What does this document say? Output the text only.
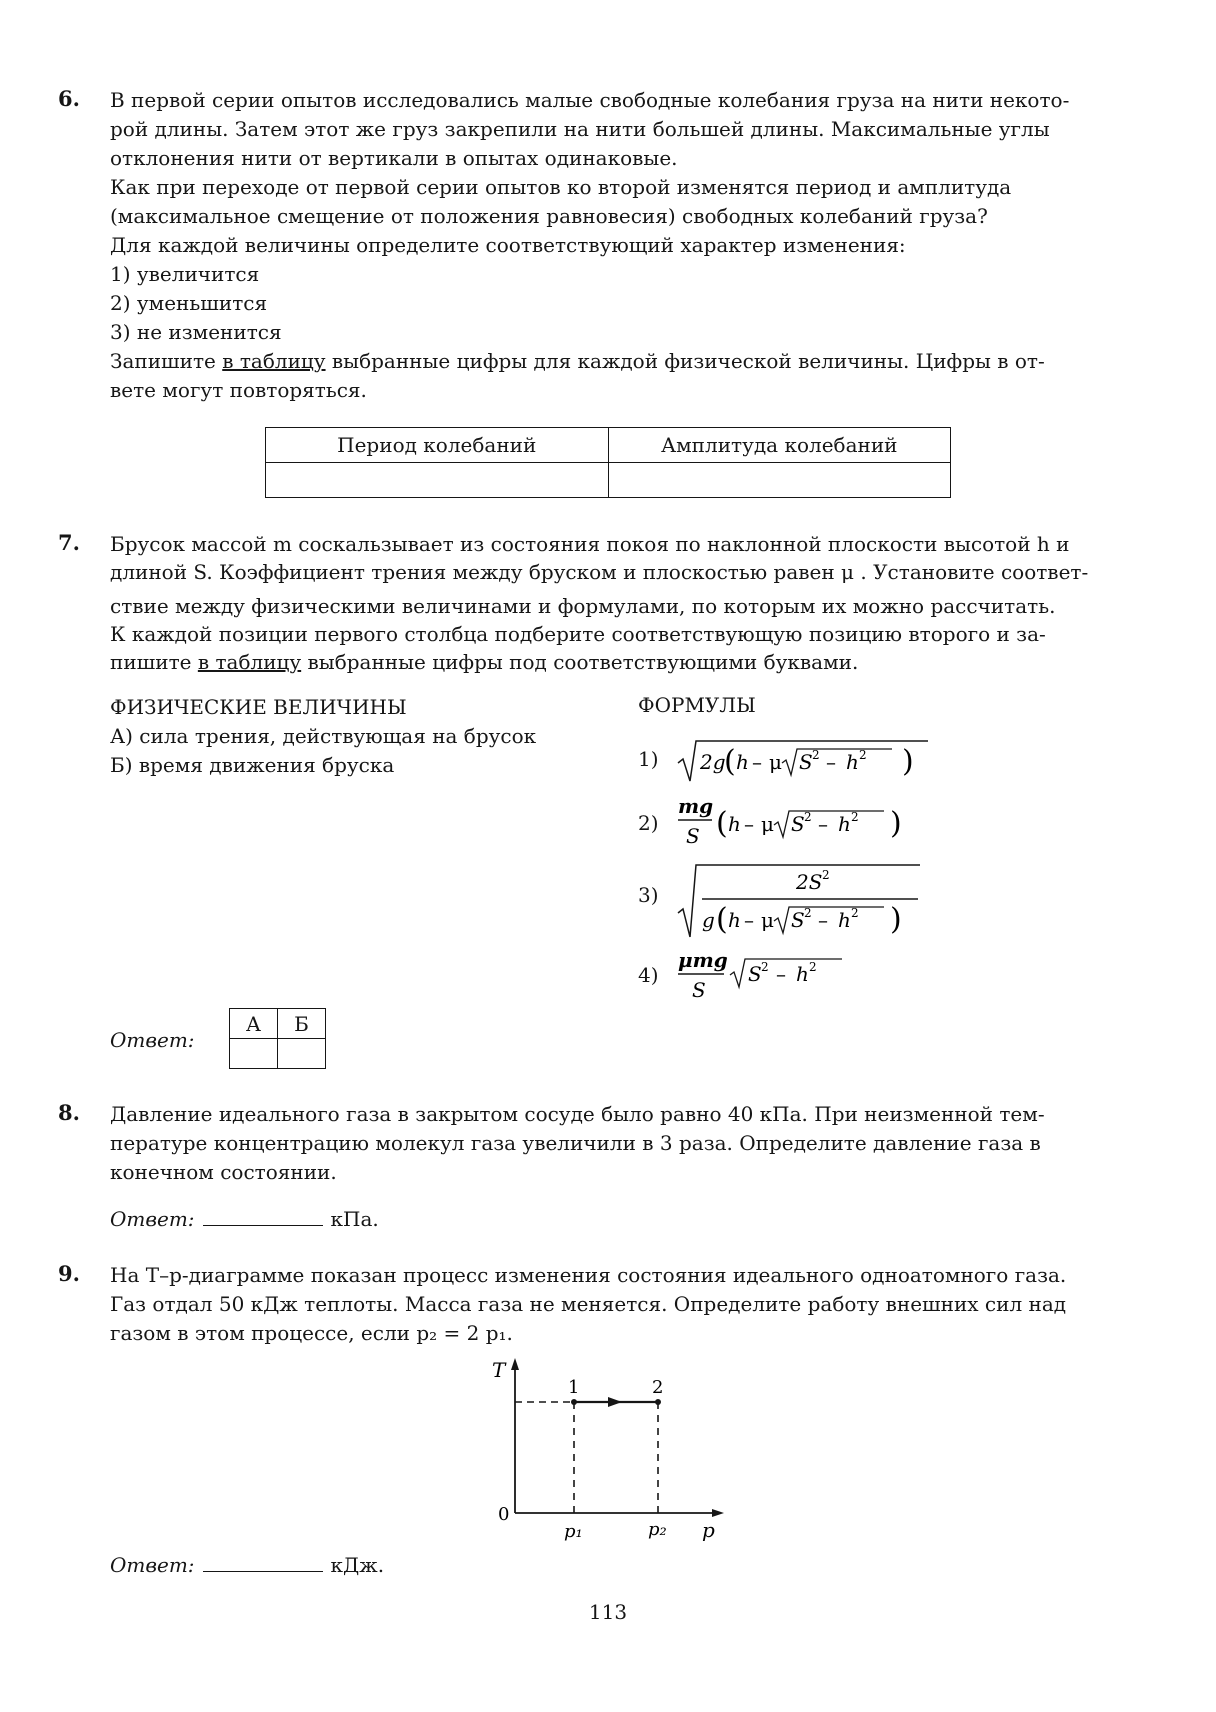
6. В первой серии опытов исследовались малые свободные колебания груза на нити некото-

рой длины. Затем этот же груз закрепили на нити большей длины. Максимальные углы

отклонения нити от вертикали в опытах одинаковые.

Как при переходе от первой серии опытов ко второй изменятся период и амплитуда

(максимальное смещение от положения равновесия) свободных колебаний груза?

Для каждой величины определите соответствующий характер изменения:

1) увеличится

2) уменьшится

3) не изменится

Запишите в таблицу выбранные цифры для каждой физической величины. Цифры в от-

вете могут повторяться.

Период колебаний	Амплитуда колебаний

7. Брусок массой m соскальзывает из состояния покоя по наклонной плоскости высотой h и

длиной S. Коэффициент трения между бруском и плоскостью равен μ . Установите соответ-

ствие между физическими величинами и формулами, по которым их можно рассчитать.

К каждой позиции первого столбца подберите соответствующую позицию второго и за-

пишите в таблицу выбранные цифры под соответствующими буквами.

ФИЗИЧЕСКИЕ ВЕЛИЧИНЫ
А) сила трения, действующая на брусок
Б) время движения бруска
ФОРМУЛЫ
1) 2g
( h – μ S 2 – h 2 )
2)
mg
S ( h – μ S 2 – h 2 )
3)
2S 2
g ( h – μ S 2 – h 2 )
4)
μmg
S
S 2 – h 2
Ответ:
А	Б

8. Давление идеального газа в закрытом сосуде было равно 40 кПа. При неизменной тем-

пературе концентрацию молекул газа увеличили в 3 раза. Определите давление газа в

конечном состоянии.

Ответ:	кПа.
9. На T–p-диаграмме показан процесс изменения состояния идеального одноатомного газа.

Газ отдал 50 кДж теплоты. Масса газа не меняется. Определите работу внешних сил над

газом в этом процессе, если p₂ = 2 p₁.

T
0
1	2
p₁	p₂ p
Ответ:	кДж.
113
